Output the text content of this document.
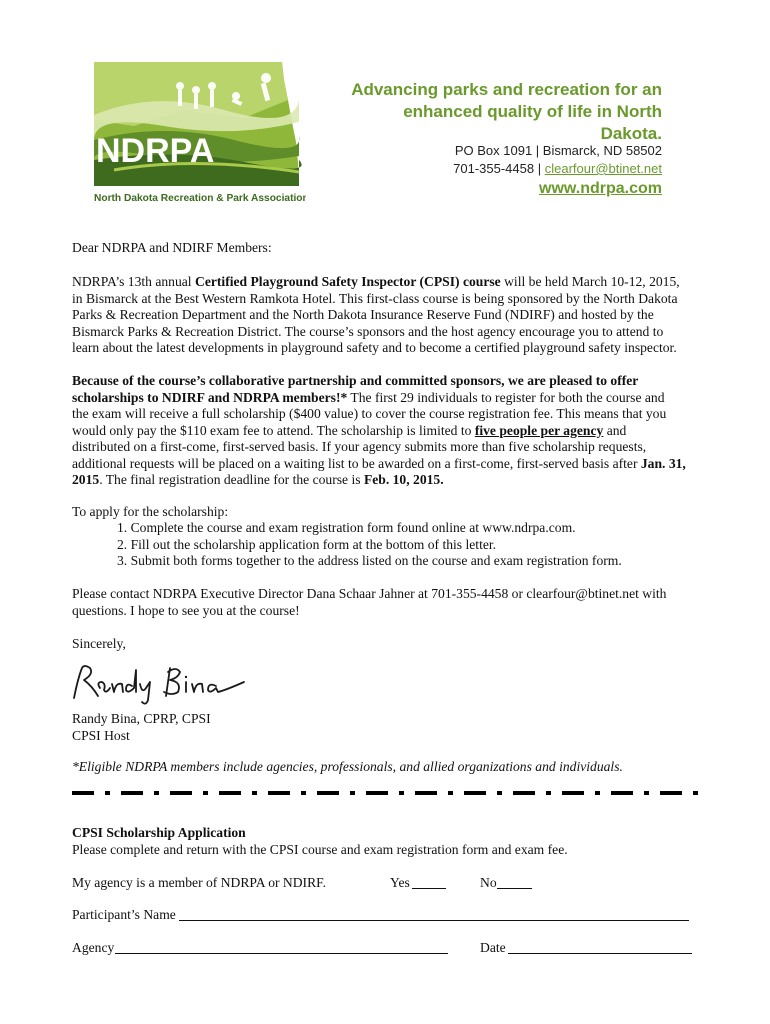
NDRPA
North Dakota Recreation & Park Association
Advancing parks and recreation for an
enhanced quality of life in North Dakota.
PO Box 1091 | Bismarck, ND 58502
701-355-4458 | clearfour@btinet.net
www.ndrpa.com
Dear NDRPA and NDIRF Members:
NDRPA’s 13th annual Certified Playground Safety Inspector (CPSI) course will be held March 10-12, 2015,
in Bismarck at the Best Western Ramkota Hotel. This first-class course is being sponsored by the North Dakota
Parks & Recreation Department and the North Dakota Insurance Reserve Fund (NDIRF) and hosted by the
Bismarck Parks & Recreation District. The course’s sponsors and the host agency encourage you to attend to
learn about the latest developments in playground safety and to become a certified playground safety inspector.
Because of the course’s collaborative partnership and committed sponsors, we are pleased to offer
scholarships to NDIRF and NDRPA members!* The first 29 individuals to register for both the course and
the exam will receive a full scholarship ($400 value) to cover the course registration fee. This means that you
would only pay the $110 exam fee to attend. The scholarship is limited to five people per agency and
distributed on a first-come, first-served basis. If your agency submits more than five scholarship requests,
additional requests will be placed on a waiting list to be awarded on a first-come, first-served basis after Jan. 31,
2015. The final registration deadline for the course is Feb. 10, 2015.
To apply for the scholarship:
1. Complete the course and exam registration form found online at www.ndrpa.com.
2. Fill out the scholarship application form at the bottom of this letter.
3. Submit both forms together to the address listed on the course and exam registration form.
Please contact NDRPA Executive Director Dana Schaar Jahner at 701-355-4458 or clearfour@btinet.net with
questions. I hope to see you at the course!
Sincerely,
Randy Bina, CPRP, CPSI
CPSI Host
*Eligible NDRPA members include agencies, professionals, and allied organizations and individuals.
CPSI Scholarship Application
Please complete and return with the CPSI course and exam registration form and exam fee.
My agency is a member of NDRPA or NDIRF.	Yes	No
Participant’s Name
Agency	Date
